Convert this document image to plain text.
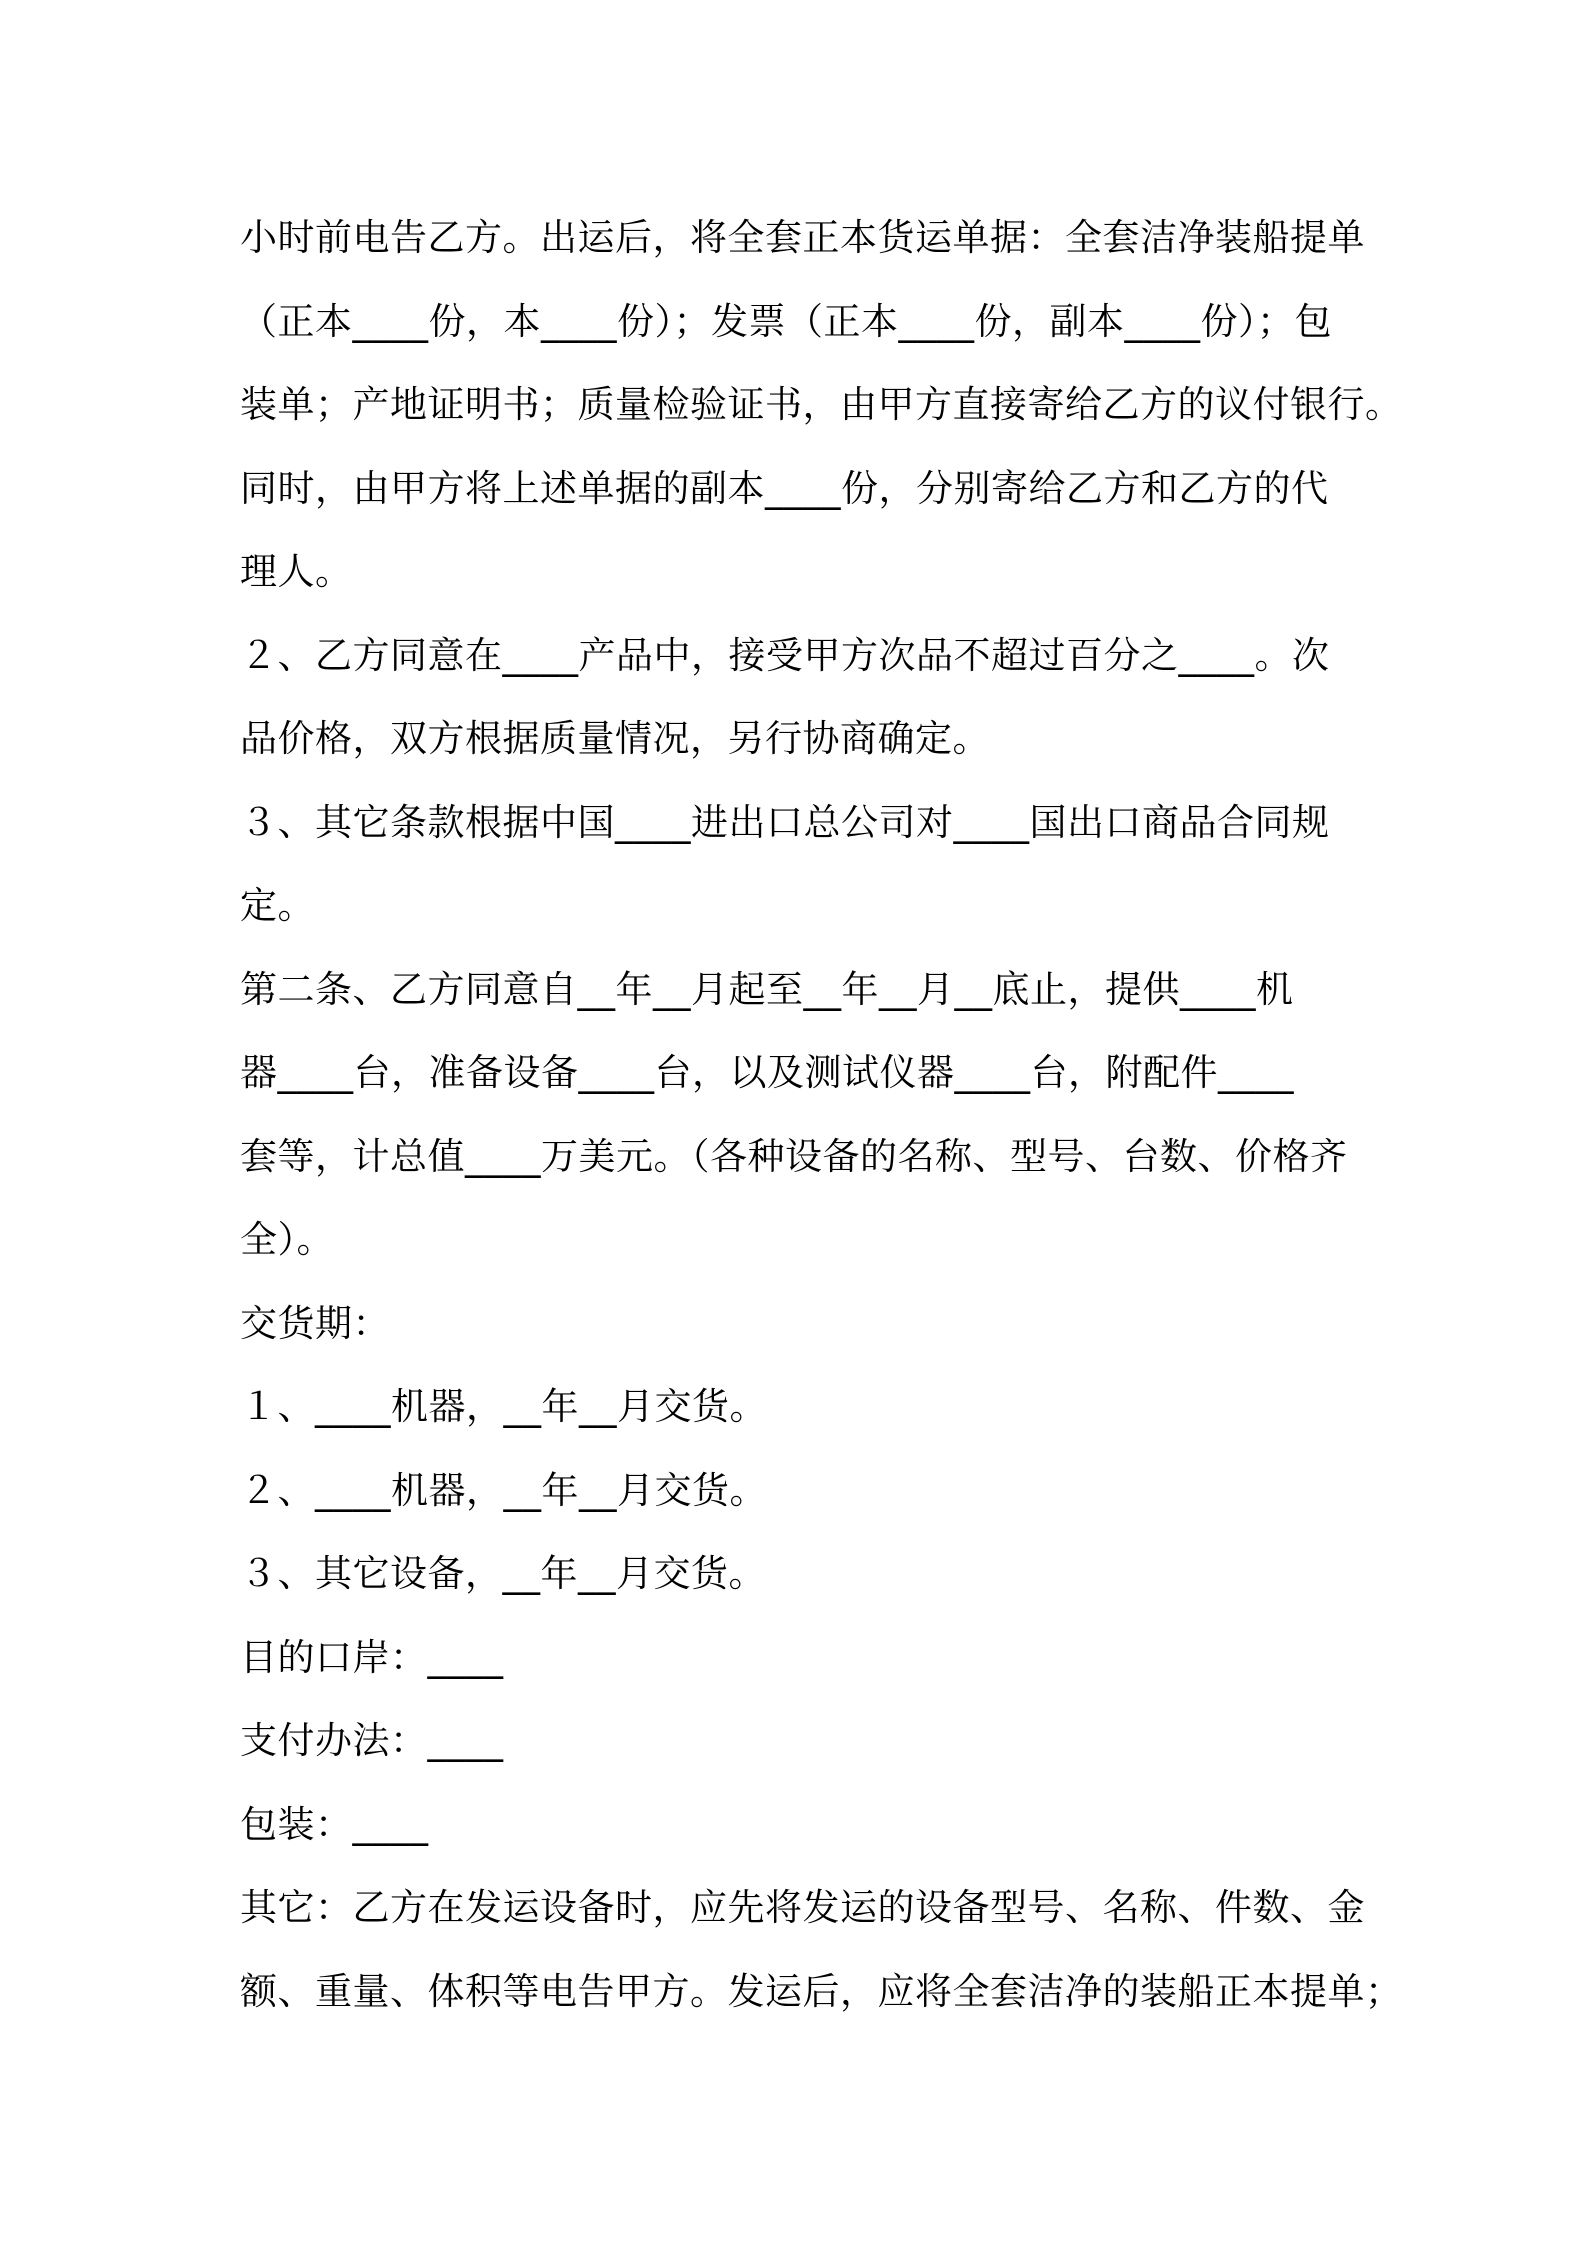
小时前电告乙方。出运后，将全套正本货运单据：全套洁净装船提单
（正本____份，本____份）；发票（正本____份，副本____份）；包
装单；产地证明书；质量检验证书，由甲方直接寄给乙方的议付银行。
同时，由甲方将上述单据的副本____份，分别寄给乙方和乙方的代
理人。
２、乙方同意在____产品中，接受甲方次品不超过百分之____。次
品价格，双方根据质量情况，另行协商确定。
３、其它条款根据中国____进出口总公司对____国出口商品合同规
定。
第二条、乙方同意自__年__月起至__年__月__底止，提供____机
器____台，准备设备____台，以及测试仪器____台，附配件____
套等，计总值____万美元。（各种设备的名称、型号、台数、价格齐
全）。
交货期：
１、____机器，__年__月交货。
２、____机器，__年__月交货。
３、其它设备，__年__月交货。
目的口岸：____
支付办法：____
包装：____
其它：乙方在发运设备时，应先将发运的设备型号、名称、件数、金
额、重量、体积等电告甲方。发运后，应将全套洁净的装船正本提单；
